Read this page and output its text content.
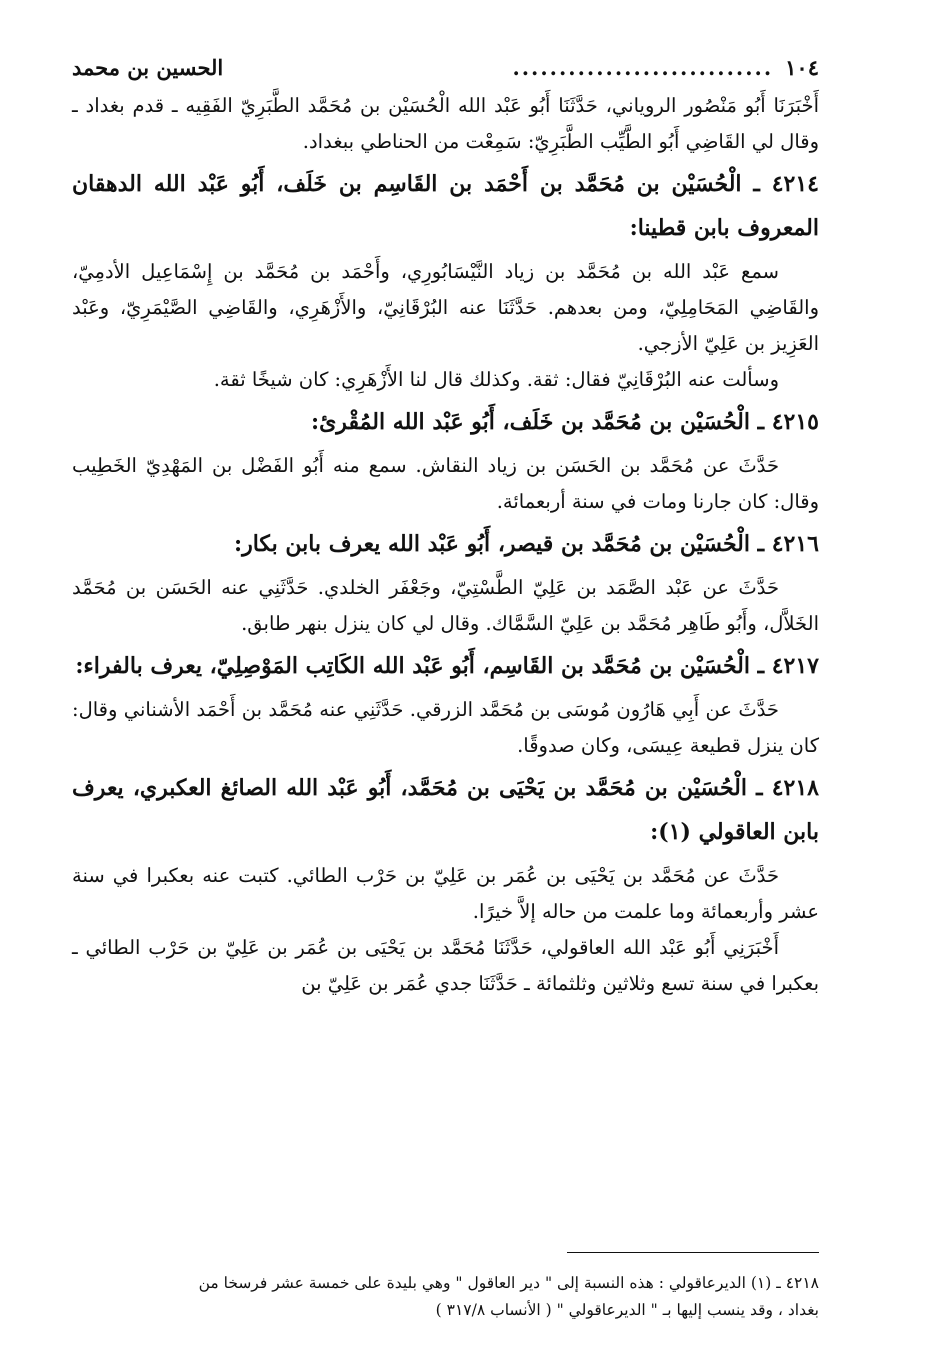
١٠٤
............................
الحسين بن محمد

أَخْبَرَنَا أَبُو مَنْصُور الروياني، حَدَّثَنَا أَبُو عَبْد الله الْحُسَيْن بن مُحَمَّد الطَّبَرِيّ الفَقِيه ـ قدم بغداد ـ وقال لي القَاضِي أَبُو الطَّيِّب الطَّبَرِيّ: سَمِعْت من الحناطي ببغداد.

٤٢١٤ ـ الْحُسَيْن بن مُحَمَّد بن أَحْمَد بن القَاسِم بن خَلَف، أَبُو عَبْد الله الدهقان المعروف بابن قطينا:

سمع عَبْد الله بن مُحَمَّد بن زياد النَّيْسَابُورِي، وأَحْمَد بن مُحَمَّد بن إِسْمَاعِيل الأدمِيّ، والقَاضِي المَحَامِلِيّ، ومن بعدهم. حَدَّثَنَا عنه البُرْقَانِيّ، والأَزْهَرِي، والقَاضِي الصَّيْمَرِيّ، وعَبْد العَزِيز بن عَلِيّ الأزجي.

وسألت عنه البُرْقَانِيّ فقال: ثقة. وكذلك قال لنا الأَزْهَرِي: كان شيخًا ثقة.

٤٢١٥ ـ الْحُسَيْن بن مُحَمَّد بن خَلَف، أَبُو عَبْد الله المُقْرئ:

حَدَّثَ عن مُحَمَّد بن الحَسَن بن زياد النقاش. سمع منه أَبُو الفَضْل بن المَهْدِيّ الخَطِيب وقال: كان جارنا ومات في سنة أربعمائة.

٤٢١٦ ـ الْحُسَيْن بن مُحَمَّد بن قيصر، أَبُو عَبْد الله يعرف بابن بكار:

حَدَّثَ عن عَبْد الصَّمَد بن عَلِيّ الطَّسْتِيّ، وجَعْفَر الخلدي. حَدَّثَنِي عنه الحَسَن بن مُحَمَّد الخَلاَّل، وأَبُو طَاهِر مُحَمَّد بن عَلِيّ السَّمَّاك. وقال لي كان ينزل بنهر طابق.

٤٢١٧ ـ الْحُسَيْن بن مُحَمَّد بن القَاسِم، أَبُو عَبْد الله الكَاتِب المَوْصِلِيّ، يعرف بالفراء:

حَدَّثَ عن أَبِي هَارُون مُوسَى بن مُحَمَّد الزرقي. حَدَّثَنِي عنه مُحَمَّد بن أَحْمَد الأشناني وقال: كان ينزل قطيعة عِيسَى، وكان صدوقًا.

٤٢١٨ ـ الْحُسَيْن بن مُحَمَّد بن يَحْيَى بن مُحَمَّد، أَبُو عَبْد الله الصائغ العكبري، يعرف بابن العاقولي (١):

حَدَّثَ عن مُحَمَّد بن يَحْيَى بن عُمَر بن عَلِيّ بن حَرْب الطائي. كتبت عنه بعكبرا في سنة عشر وأربعمائة وما علمت من حاله إلاَّ خيرًا.

أَخْبَرَنِي أَبُو عَبْد الله العاقولي، حَدَّثَنَا مُحَمَّد بن يَحْيَى بن عُمَر بن عَلِيّ بن حَرْب الطائي ـ بعكبرا في سنة تسع وثلاثين وثلثمائة ـ حَدَّثَنَا جدي عُمَر بن عَلِيّ بن

٤٢١٨ ـ (١) الديرعاقولي : هذه النسبة إلى " دير العاقول " وهي بليدة على خمسة عشر فرسخا من
بغداد ، وقد ينسب إليها بـ " الديرعاقولي " ( الأنساب ٣١٧/٨ )
